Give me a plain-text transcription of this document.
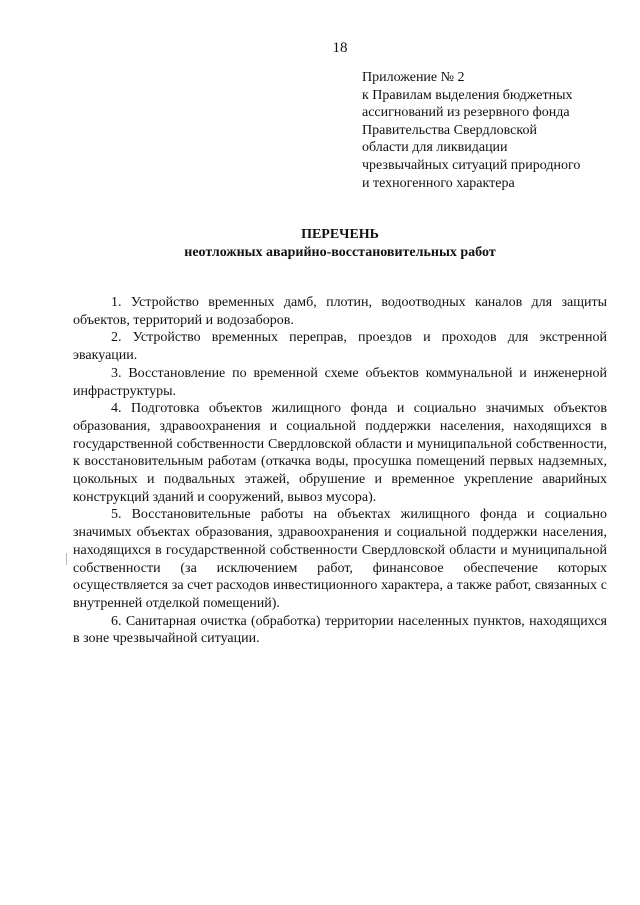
18
Приложение № 2
к Правилам выделения бюджетных
ассигнований из резервного фонда
Правительства Свердловской
области для ликвидации
чрезвычайных ситуаций природного
и техногенного характера
ПЕРЕЧЕНЬ
неотложных аварийно-восстановительных работ

1. Устройство временных дамб, плотин, водоотводных каналов для защиты объектов, территорий и водозаборов.

2. Устройство временных переправ, проездов и проходов для экстренной эвакуации.

3. Восстановление по временной схеме объектов коммунальной и инженерной инфраструктуры.

4. Подготовка объектов жилищного фонда и социально значимых объектов образования, здравоохранения и социальной поддержки населения, находящихся в государственной собственности Свердловской области и муниципальной собственности, к восстановительным работам (откачка воды, просушка помещений первых надземных, цокольных и подвальных этажей, обрушение и временное укрепление аварийных конструкций зданий и сооружений, вывоз мусора).

5. Восстановительные работы на объектах жилищного фонда и социально значимых объектах образования, здравоохранения и социальной поддержки населения, находящихся в государственной собственности Свердловской области и муниципальной собственности (за исключением работ, финансовое обеспечение которых осуществляется за счет расходов инвестиционного характера, а также работ, связанных с внутренней отделкой помещений).

6. Санитарная очистка (обработка) территории населенных пунктов, находящихся в зоне чрезвычайной ситуации.
